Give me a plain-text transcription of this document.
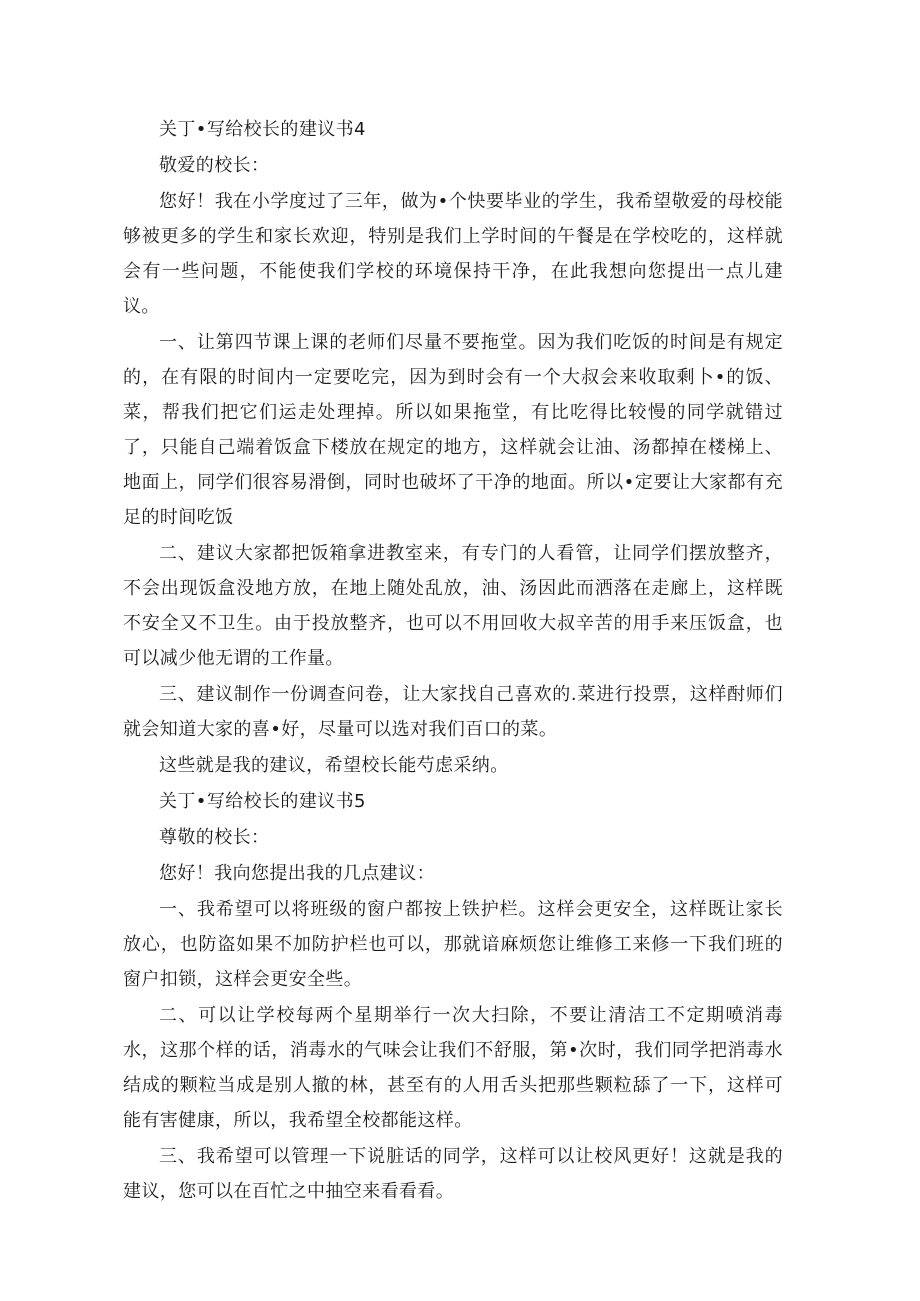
关丁•写给校长的建议书4

敬爱的校长：

您好！我在小学度过了三年，做为•个快要毕业的学生，我希望敬爱的母校能够被更多的学生和家长欢迎，特别是我们上学时间的午餐是在学校吃的，这样就会有一些问题，不能使我们学校的环境保持干净，在此我想向您提出一点儿建议。

一、让第四节课上课的老师们尽量不要拖堂。因为我们吃饭的时间是有规定的，在有限的时间内一定要吃完，因为到时会有一个大叔会来收取剩卜•的饭、菜，帮我们把它们运走处理掉。所以如果拖堂，有比吃得比较慢的同学就错过了，只能自己端着饭盒下楼放在规定的地方，这样就会让油、汤都掉在楼梯上、地面上，同学们很容易滑倒，同时也破坏了干净的地面。所以•定要让大家都有充足的时间吃饭

二、建议大家都把饭箱拿进教室来，有专门的人看管，让同学们摆放整齐，不会出现饭盒没地方放，在地上随处乱放，油、汤因此而洒落在走廊上，这样既不安全又不卫生。由于投放整齐，也可以不用回收大叔辛苦的用手来压饭盒，也可以减少他无谓的工作量。

三、建议制作一份调查问卷，让大家找自己喜欢的.菜进行投票，这样酎师们就会知道大家的喜•好，尽量可以选对我们百口的菜。

这些就是我的建议，希望校长能芍虑采纳。

关丁•写给校长的建议书5

尊敬的校长：

您好！我向您提出我的几点建议：

一、我希望可以将班级的窗户都按上铁护栏。这样会更安全，这样既让家长放心，也防盗如果不加防护栏也可以，那就谙麻烦您让维修工来修一下我们班的窗户扣锁，这样会更安全些。

二、可以让学校每两个星期举行一次大扫除，不要让清洁工不定期喷消毒水，这那个样的话，消毒水的气味会让我们不舒服，第•次时，我们同学把消毒水结成的颗粒当成是别人撤的林，甚至有的人用舌头把那些颗粒舔了一下，这样可能有害健康，所以，我希望全校都能这样。

三、我希望可以管理一下说脏话的同学，这样可以让校风更好！这就是我的建议，您可以在百忙之中抽空来看看看。
